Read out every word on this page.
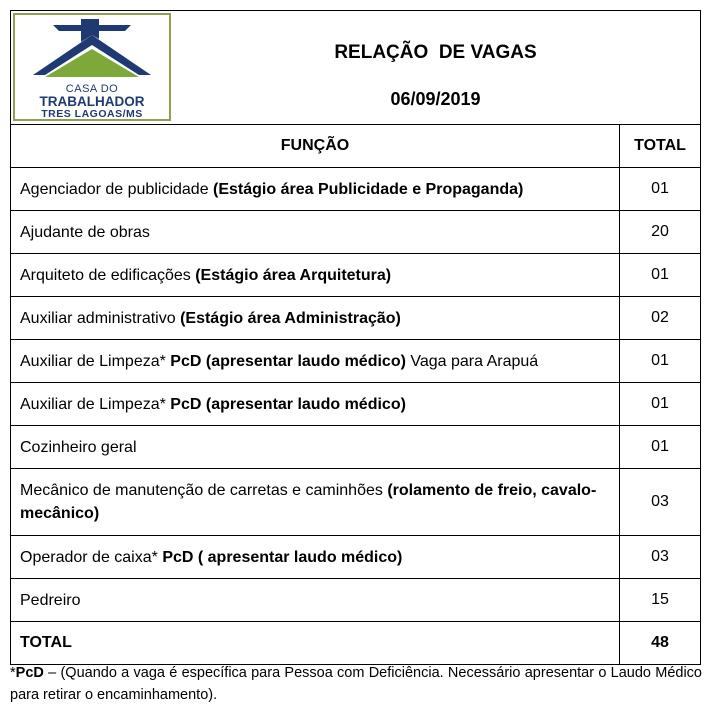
CASA DO
TRABALHADOR
TRES LAGOAS/MS
RELAÇÃO  DE VAGAS
06/09/2019	

FUNÇÃO	TOTAL
Agenciador de publicidade (Estágio área Publicidade e Propaganda)	01
Ajudante de obras	20
Arquiteto de edificações (Estágio área Arquitetura)	01
Auxiliar administrativo (Estágio área Administração)	02
Auxiliar de Limpeza* PcD (apresentar laudo médico) Vaga para Arapuá	01
Auxiliar de Limpeza* PcD (apresentar laudo médico)	01
Cozinheiro geral	01
Mecânico de manutenção de carretas e caminhões (rolamento de freio, cavalo-mecânico)	03
Operador de caixa* PcD ( apresentar laudo médico)	03
Pedreiro	15
TOTAL	48
*PcD – (Quando a vaga é específica para Pessoa com Deficiência. Necessário apresentar o Laudo Médico para retirar o encaminhamento).
